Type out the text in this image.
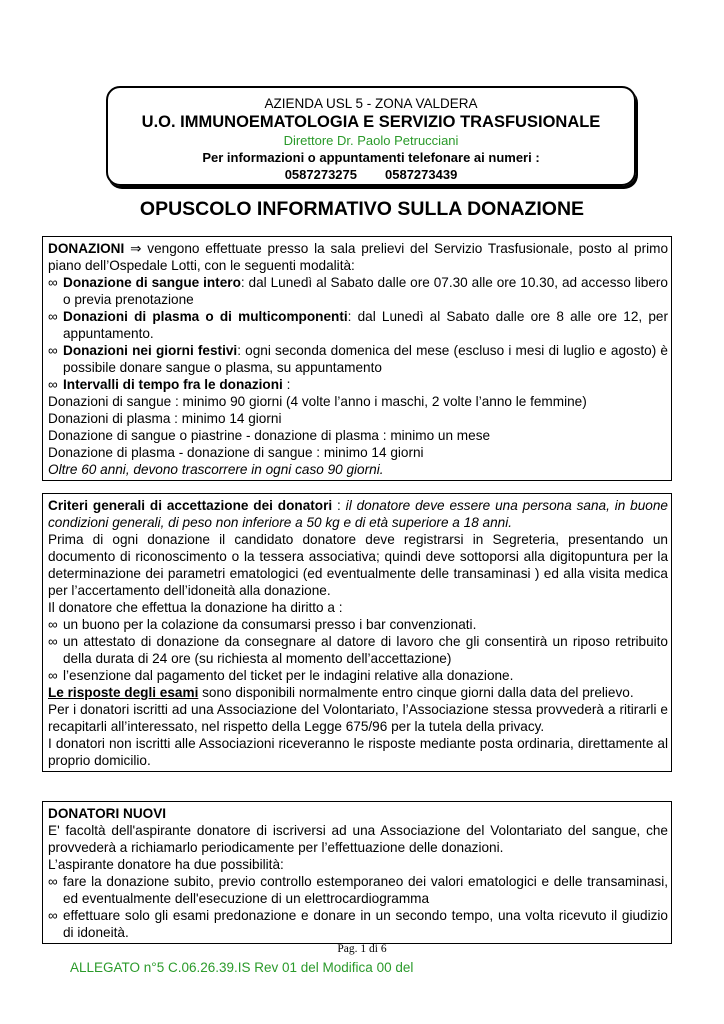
AZIENDA USL 5 - ZONA VALDERA
U.O. IMMUNOEMATOLOGIA E SERVIZIO TRASFUSIONALE
Direttore Dr. Paolo Petrucciani
Per informazioni o appuntamenti telefonare ai numeri :
0587273275 0587273439
OPUSCOLO INFORMATIVO SULLA DONAZIONE

DONAZIONI ⇒ vengono effettuate presso la sala prelievi del Servizio Trasfusionale, posto al primo piano dell’Ospedale Lotti, con le seguenti modalità:

∞ Donazione di sangue intero: dal Lunedì al Sabato dalle ore 07.30 alle ore 10.30, ad accesso libero o previa prenotazione
∞ Donazioni di plasma o di multicomponenti: dal Lunedì al Sabato dalle ore 8 alle ore 12, per appuntamento.
∞ Donazioni nei giorni festivi: ogni seconda domenica del mese (escluso i mesi di luglio e agosto) è possibile donare sangue o plasma, su appuntamento
∞ Intervalli di tempo fra le donazioni :

Donazioni di sangue : minimo 90 giorni (4 volte l’anno i maschi, 2 volte l’anno le femmine)

Donazioni di plasma : minimo 14 giorni

Donazione di sangue o piastrine - donazione di plasma : minimo un mese

Donazione di plasma - donazione di sangue : minimo 14 giorni

Oltre 60 anni, devono trascorrere in ogni caso 90 giorni.

Criteri generali di accettazione dei donatori : il donatore deve essere una persona sana, in buone condizioni generali, di peso non inferiore a 50 kg e di età superiore a 18 anni.

Prima di ogni donazione il candidato donatore deve registrarsi in Segreteria, presentando un documento di riconoscimento o la tessera associativa; quindi deve sottoporsi alla digitopuntura per la determinazione dei parametri ematologici (ed eventualmente delle transaminasi ) ed alla visita medica per l’accertamento dell’idoneità alla donazione.

Il donatore che effettua la donazione ha diritto a :

∞ un buono per la colazione da consumarsi presso i bar convenzionati.
∞ un attestato di donazione da consegnare al datore di lavoro che gli consentirà un riposo retribuito della durata di 24 ore (su richiesta al momento dell’accettazione)
∞ l’esenzione dal pagamento del ticket per le indagini relative alla donazione.

Le risposte degli esami sono disponibili normalmente entro cinque giorni dalla data del prelievo.

Per i donatori iscritti ad una Associazione del Volontariato, l’Associazione stessa provvederà a ritirarli e recapitarli all’interessato, nel rispetto della Legge 675/96 per la tutela della privacy.

I donatori non iscritti alle Associazioni riceveranno le risposte mediante posta ordinaria, direttamente al proprio domicilio.

DONATORI NUOVI

E' facoltà dell'aspirante donatore di iscriversi ad una Associazione del Volontariato del sangue, che provvederà a richiamarlo periodicamente per l’effettuazione delle donazioni.

L’aspirante donatore ha due possibilità:

∞ fare la donazione subito, previo controllo estemporaneo dei valori ematologici e delle transaminasi, ed eventualmente dell'esecuzione di un elettrocardiogramma
∞ effettuare solo gli esami predonazione e donare in un secondo tempo, una volta ricevuto il giudizio di idoneità.
Pag. 1 di 6
ALLEGATO n°5 C.06.26.39.IS Rev 01 del Modifica 00 del
